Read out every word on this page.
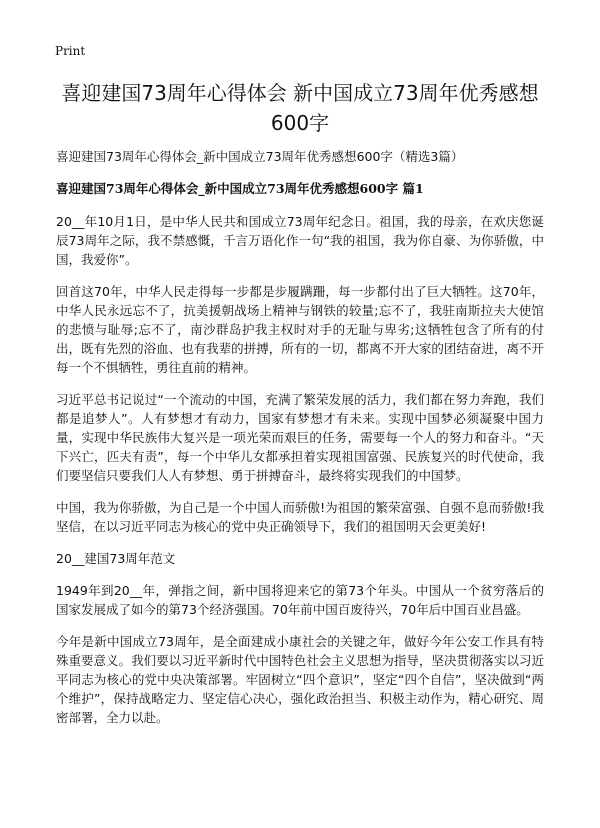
Print
喜迎建国73周年心得体会 新中国成立73周年优秀感想
600字

喜迎建国73周年心得体会_新中国成立73周年优秀感想600字（精选3篇）

喜迎建国73周年心得体会_新中国成立73周年优秀感想600字 篇1

20__年10月1日，是中华人民共和国成立73周年纪念日。祖国，我的母亲，在欢庆您诞辰73周年之际，我不禁感慨，千言万语化作一句“我的祖国，我为你自豪、为你骄傲，中国，我爱你”。

回首这70年，中华人民走得每一步都是步履蹒跚，每一步都付出了巨大牺牲。这70年，中华人民永远忘不了，抗美援朝战场上精神与钢铁的较量;忘不了，我驻南斯拉夫大使馆的悲愤与耻辱;忘不了，南沙群岛护我主权时对手的无耻与卑劣;这牺牲包含了所有的付出，既有先烈的浴血、也有我辈的拼搏，所有的一切，都离不开大家的团结奋进，离不开每一个不惧牺牲，勇往直前的精神。

习近平总书记说过“一个流动的中国，充满了繁荣发展的活力，我们都在努力奔跑，我们都是追梦人”。人有梦想才有动力，国家有梦想才有未来。实现中国梦必须凝聚中国力量，实现中华民族伟大复兴是一项光荣而艰巨的任务，需要每一个人的努力和奋斗。“天下兴亡，匹夫有责”，每一个中华儿女都承担着实现祖国富强、民族复兴的时代使命，我们要坚信只要我们人人有梦想、勇于拼搏奋斗，最终将实现我们的中国梦。

中国，我为你骄傲，为自己是一个中国人而骄傲!为祖国的繁荣富强、自强不息而骄傲!我坚信，在以习近平同志为核心的党中央正确领导下，我们的祖国明天会更美好!

20__建国73周年范文

1949年到20__年，弹指之间，新中国将迎来它的第73个年头。中国从一个贫穷落后的国家发展成了如今的第73个经济强国。70年前中国百废待兴，70年后中国百业昌盛。

今年是新中国成立73周年，是全面建成小康社会的关键之年，做好今年公安工作具有特殊重要意义。我们要以习近平新时代中国特色社会主义思想为指导，坚决贯彻落实以习近平同志为核心的党中央决策部署。牢固树立“四个意识”，坚定“四个自信”，坚决做到“两个维护”，保持战略定力、坚定信心决心，强化政治担当、积极主动作为，精心研究、周密部署，全力以赴。
